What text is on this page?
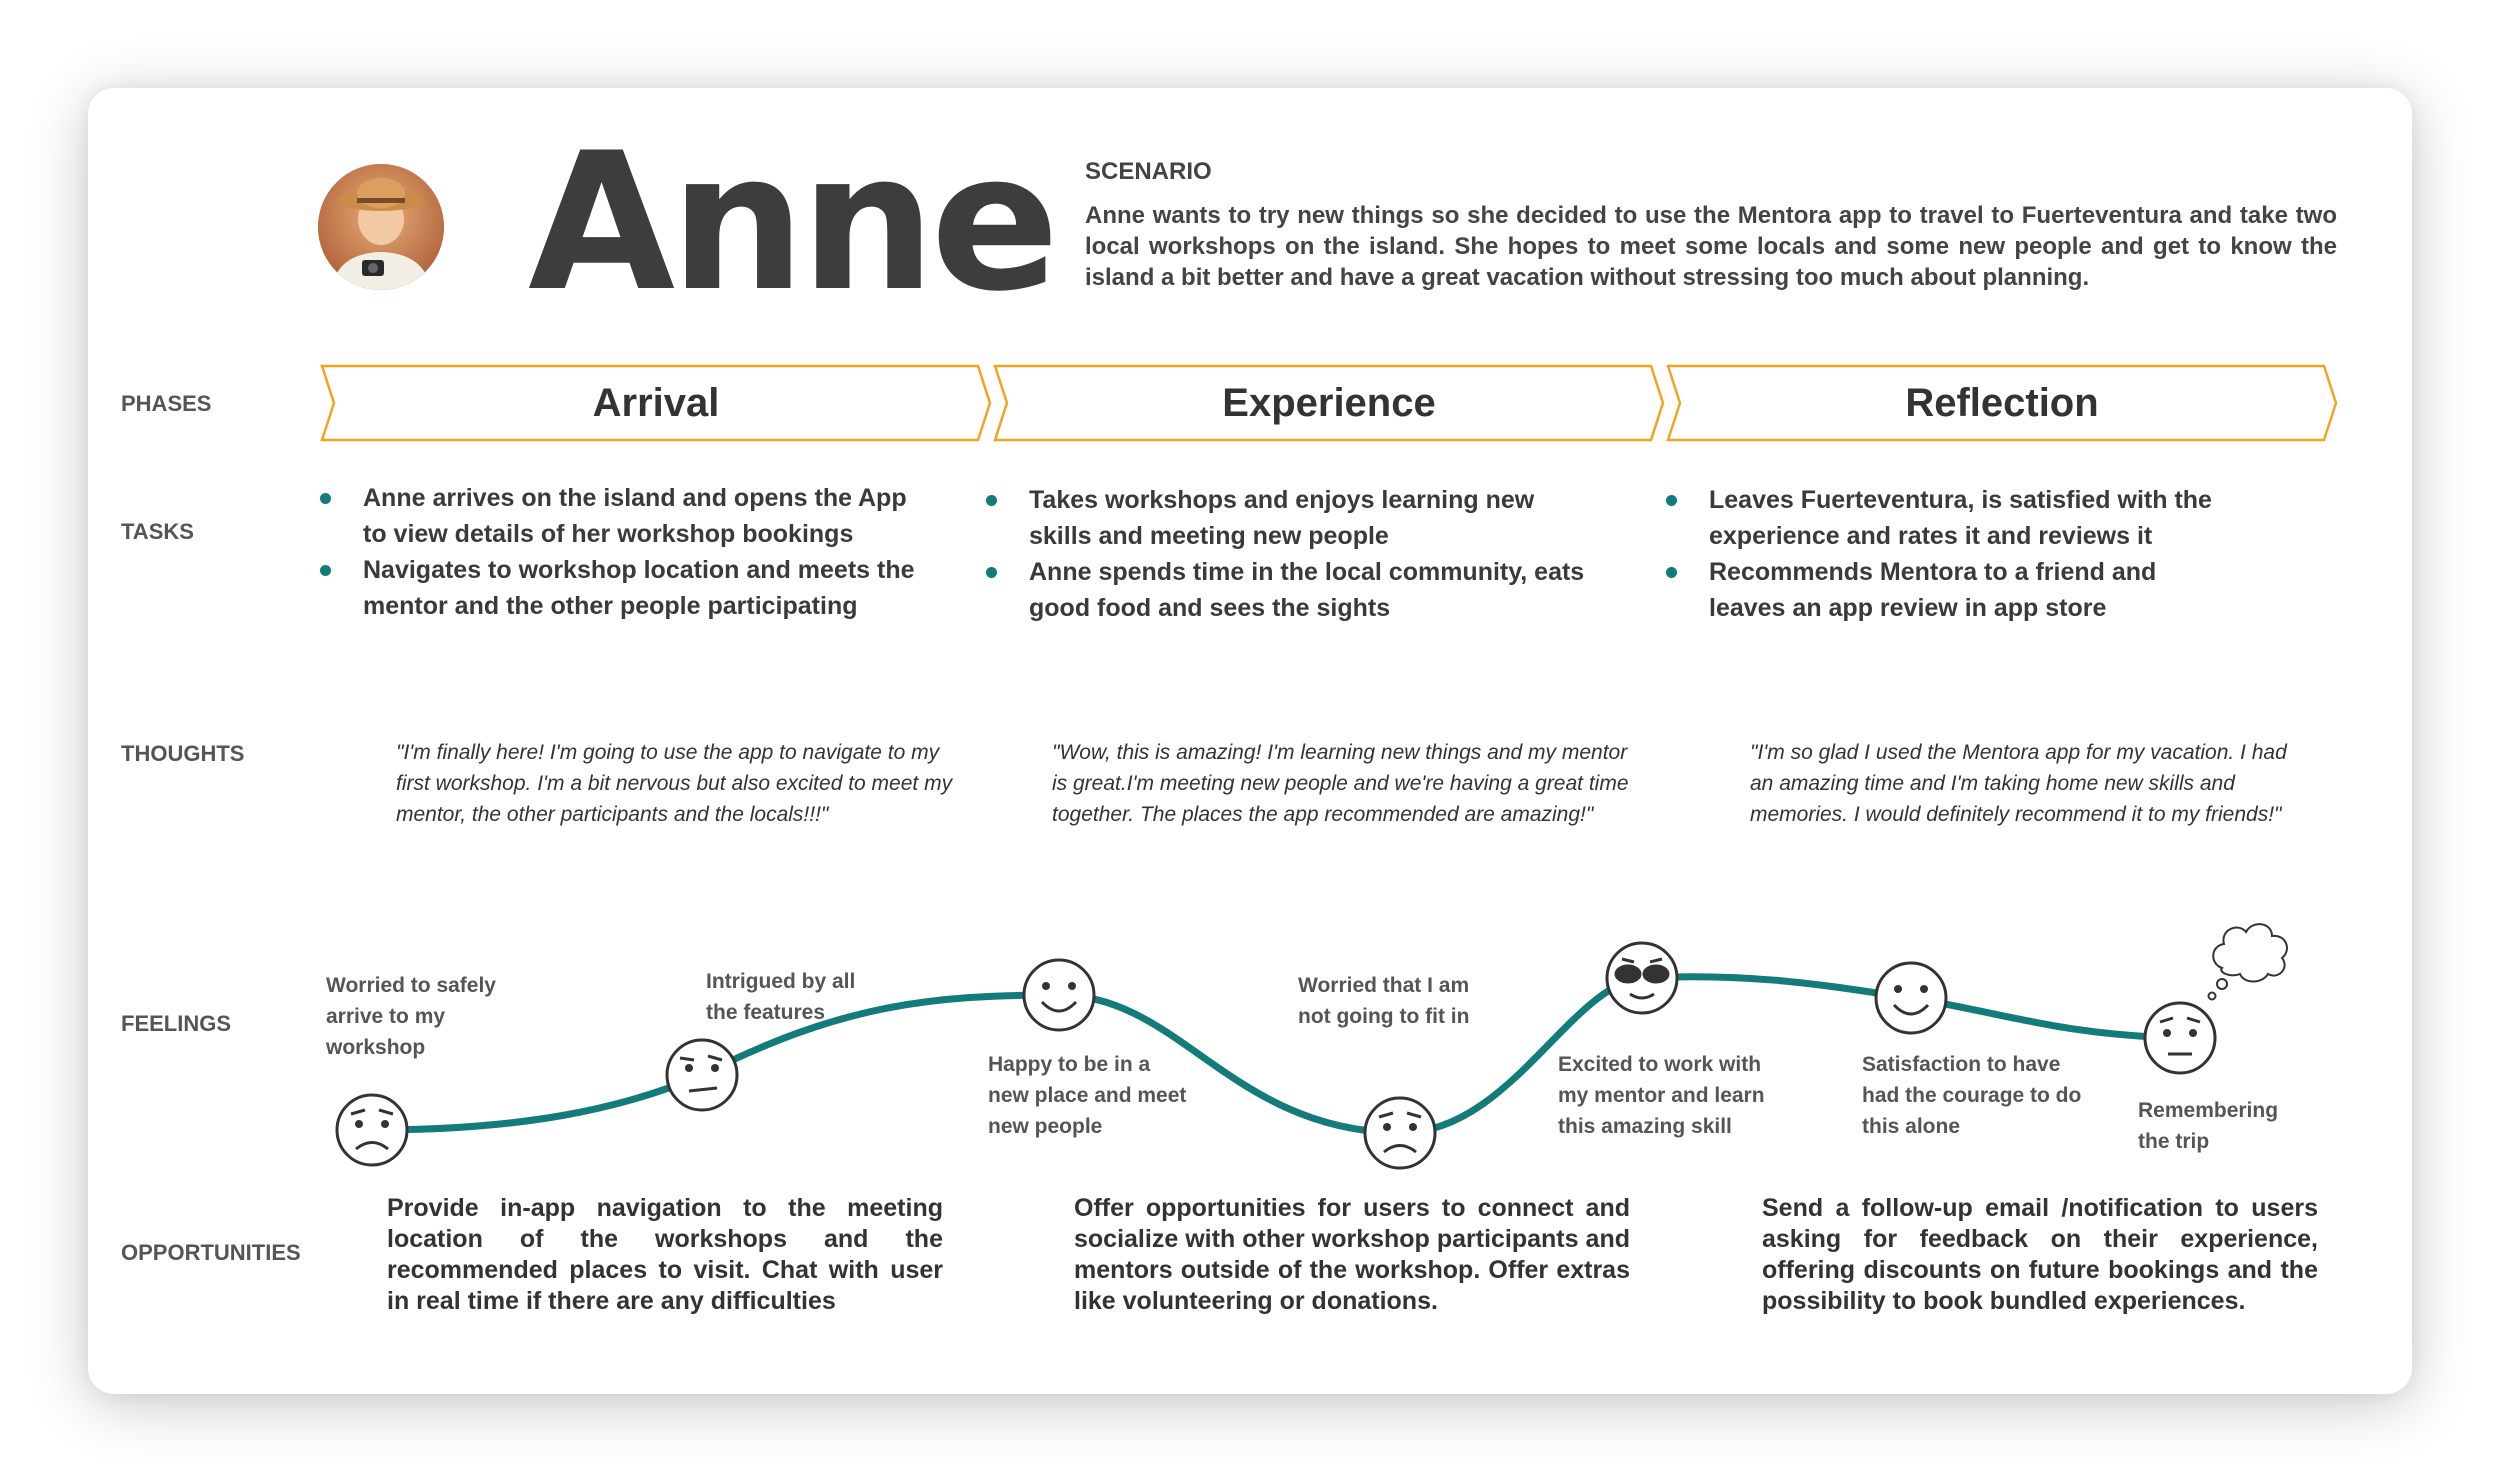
Anne SCENARIO
Anne wants to try new things so she decided to use the Mentora app to travel to Fuerteventura and take two local workshops on the island. She hopes to meet some locals and some new people and get to know the island a bit better and have a great vacation without stressing too much about planning.
PHASES
TASKS
THOUGHTS
FEELINGS
OPPORTUNITIES
Arrival	Experience	Reflection
Anne arrives on the island and opens the App to view details of her workshop bookings
Navigates to workshop location and meets the mentor and the other people participating
Takes workshops and enjoys learning new skills and meeting new people
Anne spends time in the local community, eats good food and sees the sights
Leaves Fuerteventura, is satisfied with the experience and rates it and reviews it
Recommends Mentora to a friend and leaves an app review in app store
"I'm finally here! I'm going to use the app to navigate to my first workshop. I'm a bit nervous but also excited to meet my mentor, the other participants and the locals!!!"
"Wow, this is amazing! I'm learning new things and my mentor is great.I'm meeting new people and we're having a great time together. The places the app recommended are amazing!"
"I'm so glad I used the Mentora app for my vacation. I had an amazing time and I'm taking home new skills and memories. I would definitely recommend it to my friends!"
Worried to safely arrive to my workshop
Intrigued by all the features
Happy to be in a new place and meet new people
Worried that I am not going to fit in
Excited to work with my mentor and learn this amazing skill
Satisfaction to have had the courage to do this alone
Remembering the trip
Provide in-app navigation to the meeting location of the workshops and the recommended places to visit. Chat with user in real time if there are any difficulties
Offer opportunities for users to connect and socialize with other workshop participants and mentors outside of the workshop. Offer extras like volunteering or donations.
Send a follow-up email /notification to users asking for feedback on their experience, offering discounts on future bookings and the possibility to book bundled experiences.
